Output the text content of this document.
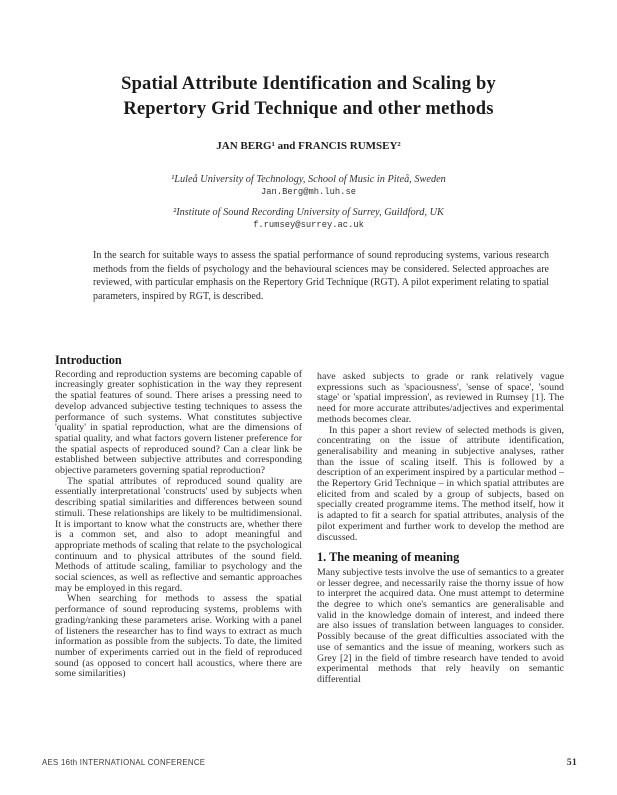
Spatial Attribute Identification and Scaling by
Repertory Grid Technique and other methods
JAN BERG¹ and FRANCIS RUMSEY²
¹Luleå University of Technology, School of Music in Piteå, Sweden
Jan.Berg@mh.luh.se
²Institute of Sound Recording University of Surrey, Guildford, UK
f.rumsey@surrey.ac.uk
In the search for suitable ways to assess the spatial performance of sound reproducing systems, various research methods from the fields of psychology and the behavioural sciences may be considered. Selected approaches are reviewed, with particular emphasis on the Repertory Grid Technique (RGT). A pilot experiment relating to spatial parameters, inspired by RGT, is described.
Introduction

Recording and reproduction systems are becoming capable of increasingly greater sophistication in the way they represent the spatial features of sound. There arises a pressing need to develop advanced subjective testing techniques to assess the performance of such systems. What constitutes subjective 'quality' in spatial reproduction, what are the dimensions of spatial quality, and what factors govern listener preference for the spatial aspects of reproduced sound? Can a clear link be established between subjective attributes and corresponding objective parameters governing spatial reproduction?

The spatial attributes of reproduced sound quality are essentially interpretational 'constructs' used by subjects when describing spatial similarities and differences between sound stimuli. These relationships are likely to be multidimensional. It is important to know what the constructs are, whether there is a common set, and also to adopt meaningful and appropriate methods of scaling that relate to the psychological continuum and to physical attributes of the sound field. Methods of attitude scaling, familiar to psychology and the social sciences, as well as reflective and semantic approaches may be employed in this regard.

When searching for methods to assess the spatial performance of sound reproducing systems, problems with grading/ranking these parameters arise. Working with a panel of listeners the researcher has to find ways to extract as much information as possible from the subjects. To date, the limited number of experiments carried out in the field of reproduced sound (as opposed to concert hall acoustics, where there are some similarities)

have asked subjects to grade or rank relatively vague expressions such as 'spaciousness', 'sense of space', 'sound stage' or 'spatial impression', as reviewed in Rumsey [1]. The need for more accurate attributes/adjectives and experimental methods becomes clear.

In this paper a short review of selected methods is given, concentrating on the issue of attribute identification, generalisability and meaning in subjective analyses, rather than the issue of scaling itself. This is followed by a description of an experiment inspired by a particular method – the Repertory Grid Technique – in which spatial attributes are elicited from and scaled by a group of subjects, based on specially created programme items. The method itself, how it is adapted to fit a search for spatial attributes, analysis of the pilot experiment and further work to develop the method are discussed.

1. The meaning of meaning

Many subjective tests involve the use of semantics to a greater or lesser degree, and necessarily raise the thorny issue of how to interpret the acquired data. One must attempt to determine the degree to which one's semantics are generalisable and valid in the knowledge domain of interest, and indeed there are also issues of translation between languages to consider. Possibly because of the great difficulties associated with the use of semantics and the issue of meaning, workers such as Grey [2] in the field of timbre research have tended to avoid experimental methods that rely heavily on semantic differential

AES 16th INTERNATIONAL CONFERENCE	51
